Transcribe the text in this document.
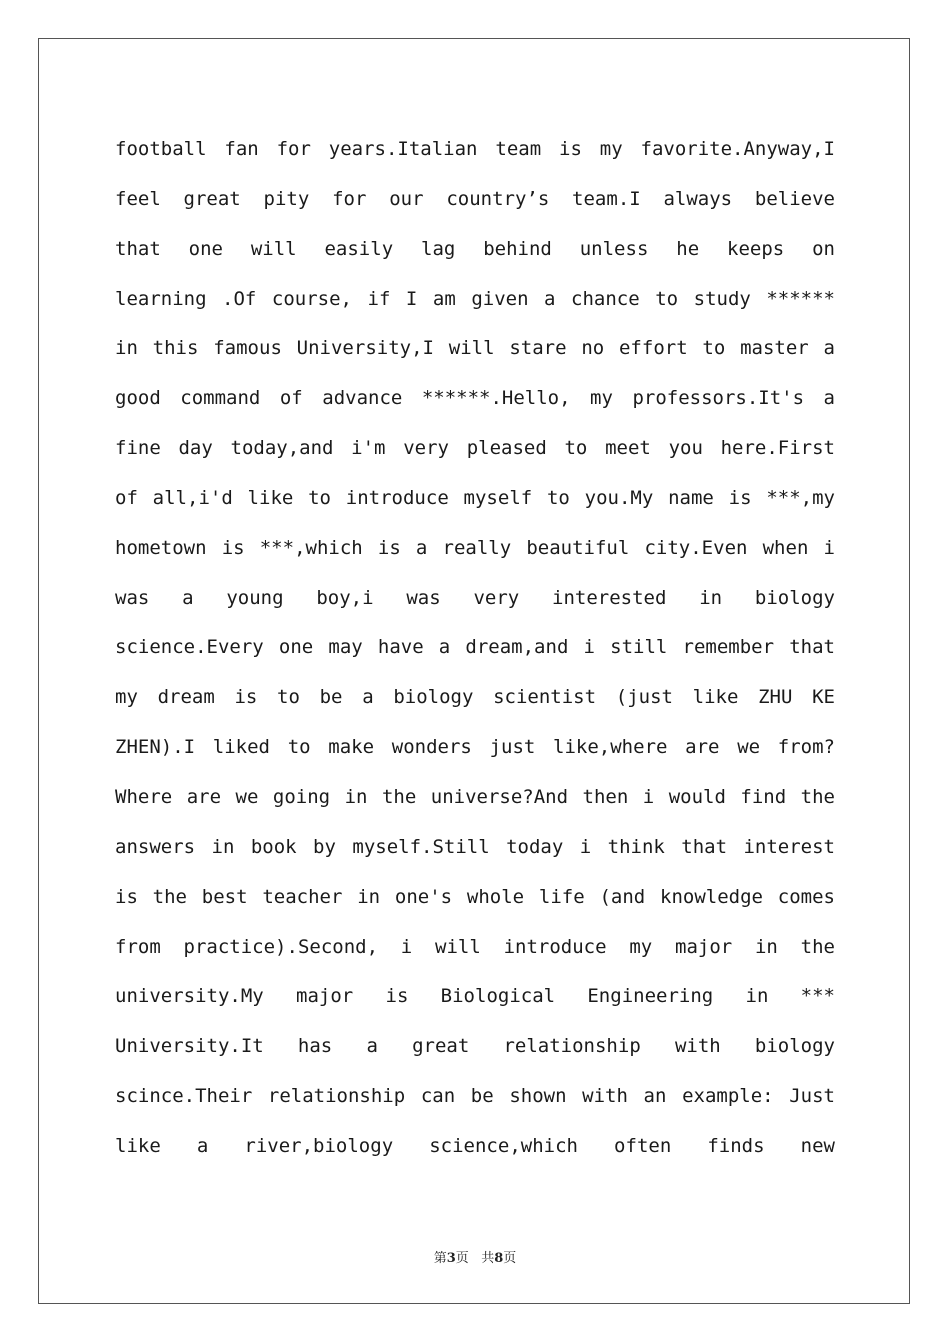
football fan for years.Italian team is my favorite.Anyway,I
feel great pity for our country’s team.I always believe
that one will easily lag behind unless he keeps on
learning .Of course, if I am given a chance to study ******
in this famous University,I will stare no effort to master a
good command of advance ******.Hello, my professors.It's a
fine day today,and i'm very pleased to meet you here.First
of all,i'd like to introduce myself to you.My name is ***,my
hometown is ***,which is a really beautiful city.Even when i
was a young boy,i was very interested in biology
science.Every one may have a dream,and i still remember that
my dream is to be a biology scientist (just like ZHU KE
ZHEN).I liked to make wonders just like,where are we from?
Where are we going in the universe?And then i would find the
answers in book by myself.Still today i think that interest
is the best teacher in one's whole life (and knowledge comes
from practice).Second, i will introduce my major in the
university.My major is Biological Engineering in ***
University.It has a great relationship with biology
scince.Their relationship can be shown with an example: Just
like a river,biology science,which often finds new
第3页 共8页
